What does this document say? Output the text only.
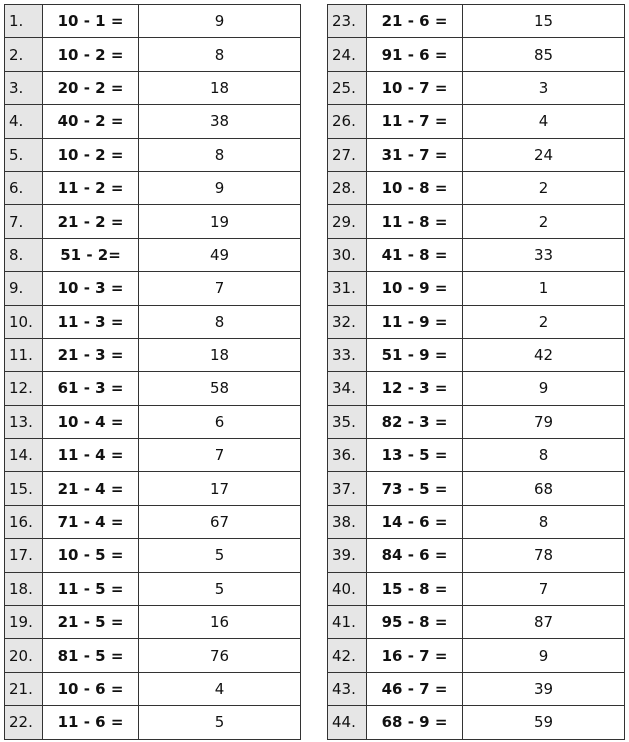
1.	10 - 1 =	9
2.	10 - 2 =	8
3.	20 - 2 =	18
4.	40 - 2 =	38
5.	10 - 2 =	8
6.	11 - 2 =	9
7.	21 - 2 =	19
8.	51 - 2=	49
9.	10 - 3 =	7
10.	11 - 3 =	8
11.	21 - 3 =	18
12.	61 - 3 =	58
13.	10 - 4 =	6
14.	11 - 4 =	7
15.	21 - 4 =	17
16.	71 - 4 =	67
17.	10 - 5 =	5
18.	11 - 5 =	5
19.	21 - 5 =	16
20.	81 - 5 =	76
21.	10 - 6 =	4
22.	11 - 6 =	5
23.	21 - 6 =	15
24.	91 - 6 =	85
25.	10 - 7 =	3
26.	11 - 7 =	4
27.	31 - 7 =	24
28.	10 - 8 =	2
29.	11 - 8 =	2
30.	41 - 8 =	33
31.	10 - 9 =	1
32.	11 - 9 =	2
33.	51 - 9 =	42
34.	12 - 3 =	9
35.	82 - 3 =	79
36.	13 - 5 =	8
37.	73 - 5 =	68
38.	14 - 6 =	8
39.	84 - 6 =	78
40.	15 - 8 =	7
41.	95 - 8 =	87
42.	16 - 7 =	9
43.	46 - 7 =	39
44.	68 - 9 =	59
